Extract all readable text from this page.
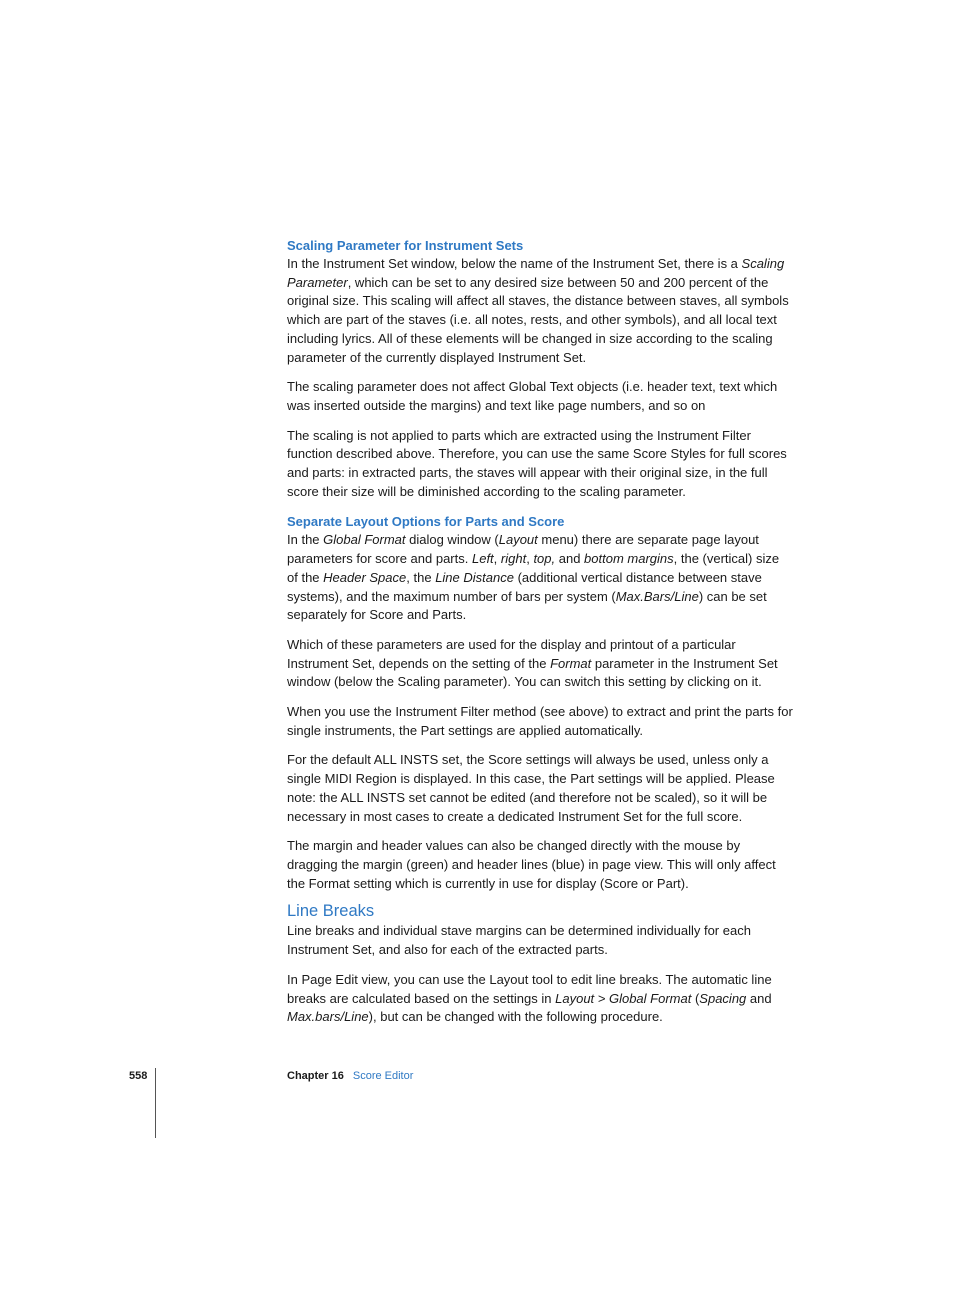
Scaling Parameter for Instrument Sets

In the Instrument Set window, below the name of the Instrument Set, there is a Scaling Parameter, which can be set to any desired size between 50 and 200 percent of the original size. This scaling will affect all staves, the distance between staves, all symbols which are part of the staves (i.e. all notes, rests, and other symbols), and all local text including lyrics. All of these elements will be changed in size according to the scaling parameter of the currently displayed Instrument Set.

The scaling parameter does not affect Global Text objects (i.e. header text, text which was inserted outside the margins) and text like page numbers, and so on

The scaling is not applied to parts which are extracted using the Instrument Filter function described above. Therefore, you can use the same Score Styles for full scores and parts: in extracted parts, the staves will appear with their original size, in the full score their size will be diminished according to the scaling parameter.

Separate Layout Options for Parts and Score

In the Global Format dialog window (Layout menu) there are separate page layout parameters for score and parts. Left, right, top, and bottom margins, the (vertical) size of the Header Space, the Line Distance (additional vertical distance between stave systems), and the maximum number of bars per system (Max.Bars/Line) can be set separately for Score and Parts.

Which of these parameters are used for the display and printout of a particular Instrument Set, depends on the setting of the Format parameter in the Instrument Set window (below the Scaling parameter). You can switch this setting by clicking on it.

When you use the Instrument Filter method (see above) to extract and print the parts for single instruments, the Part settings are applied automatically.

For the default ALL INSTS set, the Score settings will always be used, unless only a single MIDI Region is displayed. In this case, the Part settings will be applied. Please note: the ALL INSTS set cannot be edited (and therefore not be scaled), so it will be necessary in most cases to create a dedicated Instrument Set for the full score.

The margin and header values can also be changed directly with the mouse by dragging the margin (green) and header lines (blue) in page view. This will only affect the Format setting which is currently in use for display (Score or Part).

Line Breaks

Line breaks and individual stave margins can be determined individually for each Instrument Set, and also for each of the extracted parts.

In Page Edit view, you can use the Layout tool to edit line breaks. The automatic line breaks are calculated based on the settings in Layout > Global Format (Spacing and Max.bars/Line), but can be changed with the following procedure.

558	Chapter 16 Score Editor
